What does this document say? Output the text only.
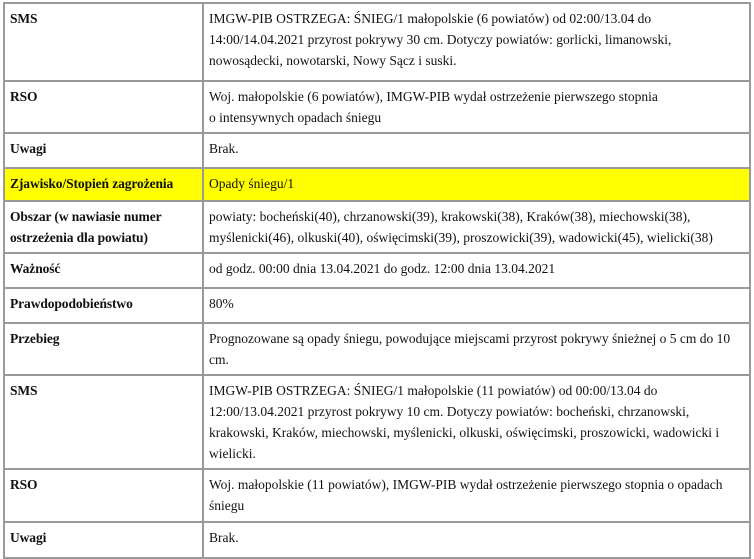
SMS	IMGW-PIB OSTRZEGA: ŚNIEG/1 małopolskie (6 powiatów) od 02:00/13.04 do 14:00/14.04.2021 przyrost pokrywy 30 cm. Dotyczy powiatów: gorlicki, limanowski, nowosądecki, nowotarski, Nowy Sącz i suski.
RSO	Woj. małopolskie (6 powiatów), IMGW-PIB wydał ostrzeżenie pierwszego stopnia
o intensywnych opadach śniegu
Uwagi	Brak.
Zjawisko/Stopień zagrożenia	Opady śniegu/1
Obszar (w nawiasie numer ostrzeżenia dla powiatu)	powiaty: bocheński(40), chrzanowski(39), krakowski(38), Kraków(38), miechowski(38), myślenicki(46), olkuski(40), oświęcimski(39), proszowicki(39), wadowicki(45), wielicki(38)
Ważność	od godz. 00:00 dnia 13.04.2021 do godz. 12:00 dnia 13.04.2021
Prawdopodobieństwo	80%
Przebieg	Prognozowane są opady śniegu, powodujące miejscami przyrost pokrywy śnieżnej o 5 cm do 10 cm.
SMS	IMGW-PIB OSTRZEGA: ŚNIEG/1 małopolskie (11 powiatów) od 00:00/13.04 do 12:00/13.04.2021 przyrost pokrywy 10 cm. Dotyczy powiatów: bocheński, chrzanowski, krakowski, Kraków, miechowski, myślenicki, olkuski, oświęcimski, proszowicki, wadowicki i wielicki.
RSO	Woj. małopolskie (11 powiatów), IMGW-PIB wydał ostrzeżenie pierwszego stopnia o opadach śniegu
Uwagi	Brak.
